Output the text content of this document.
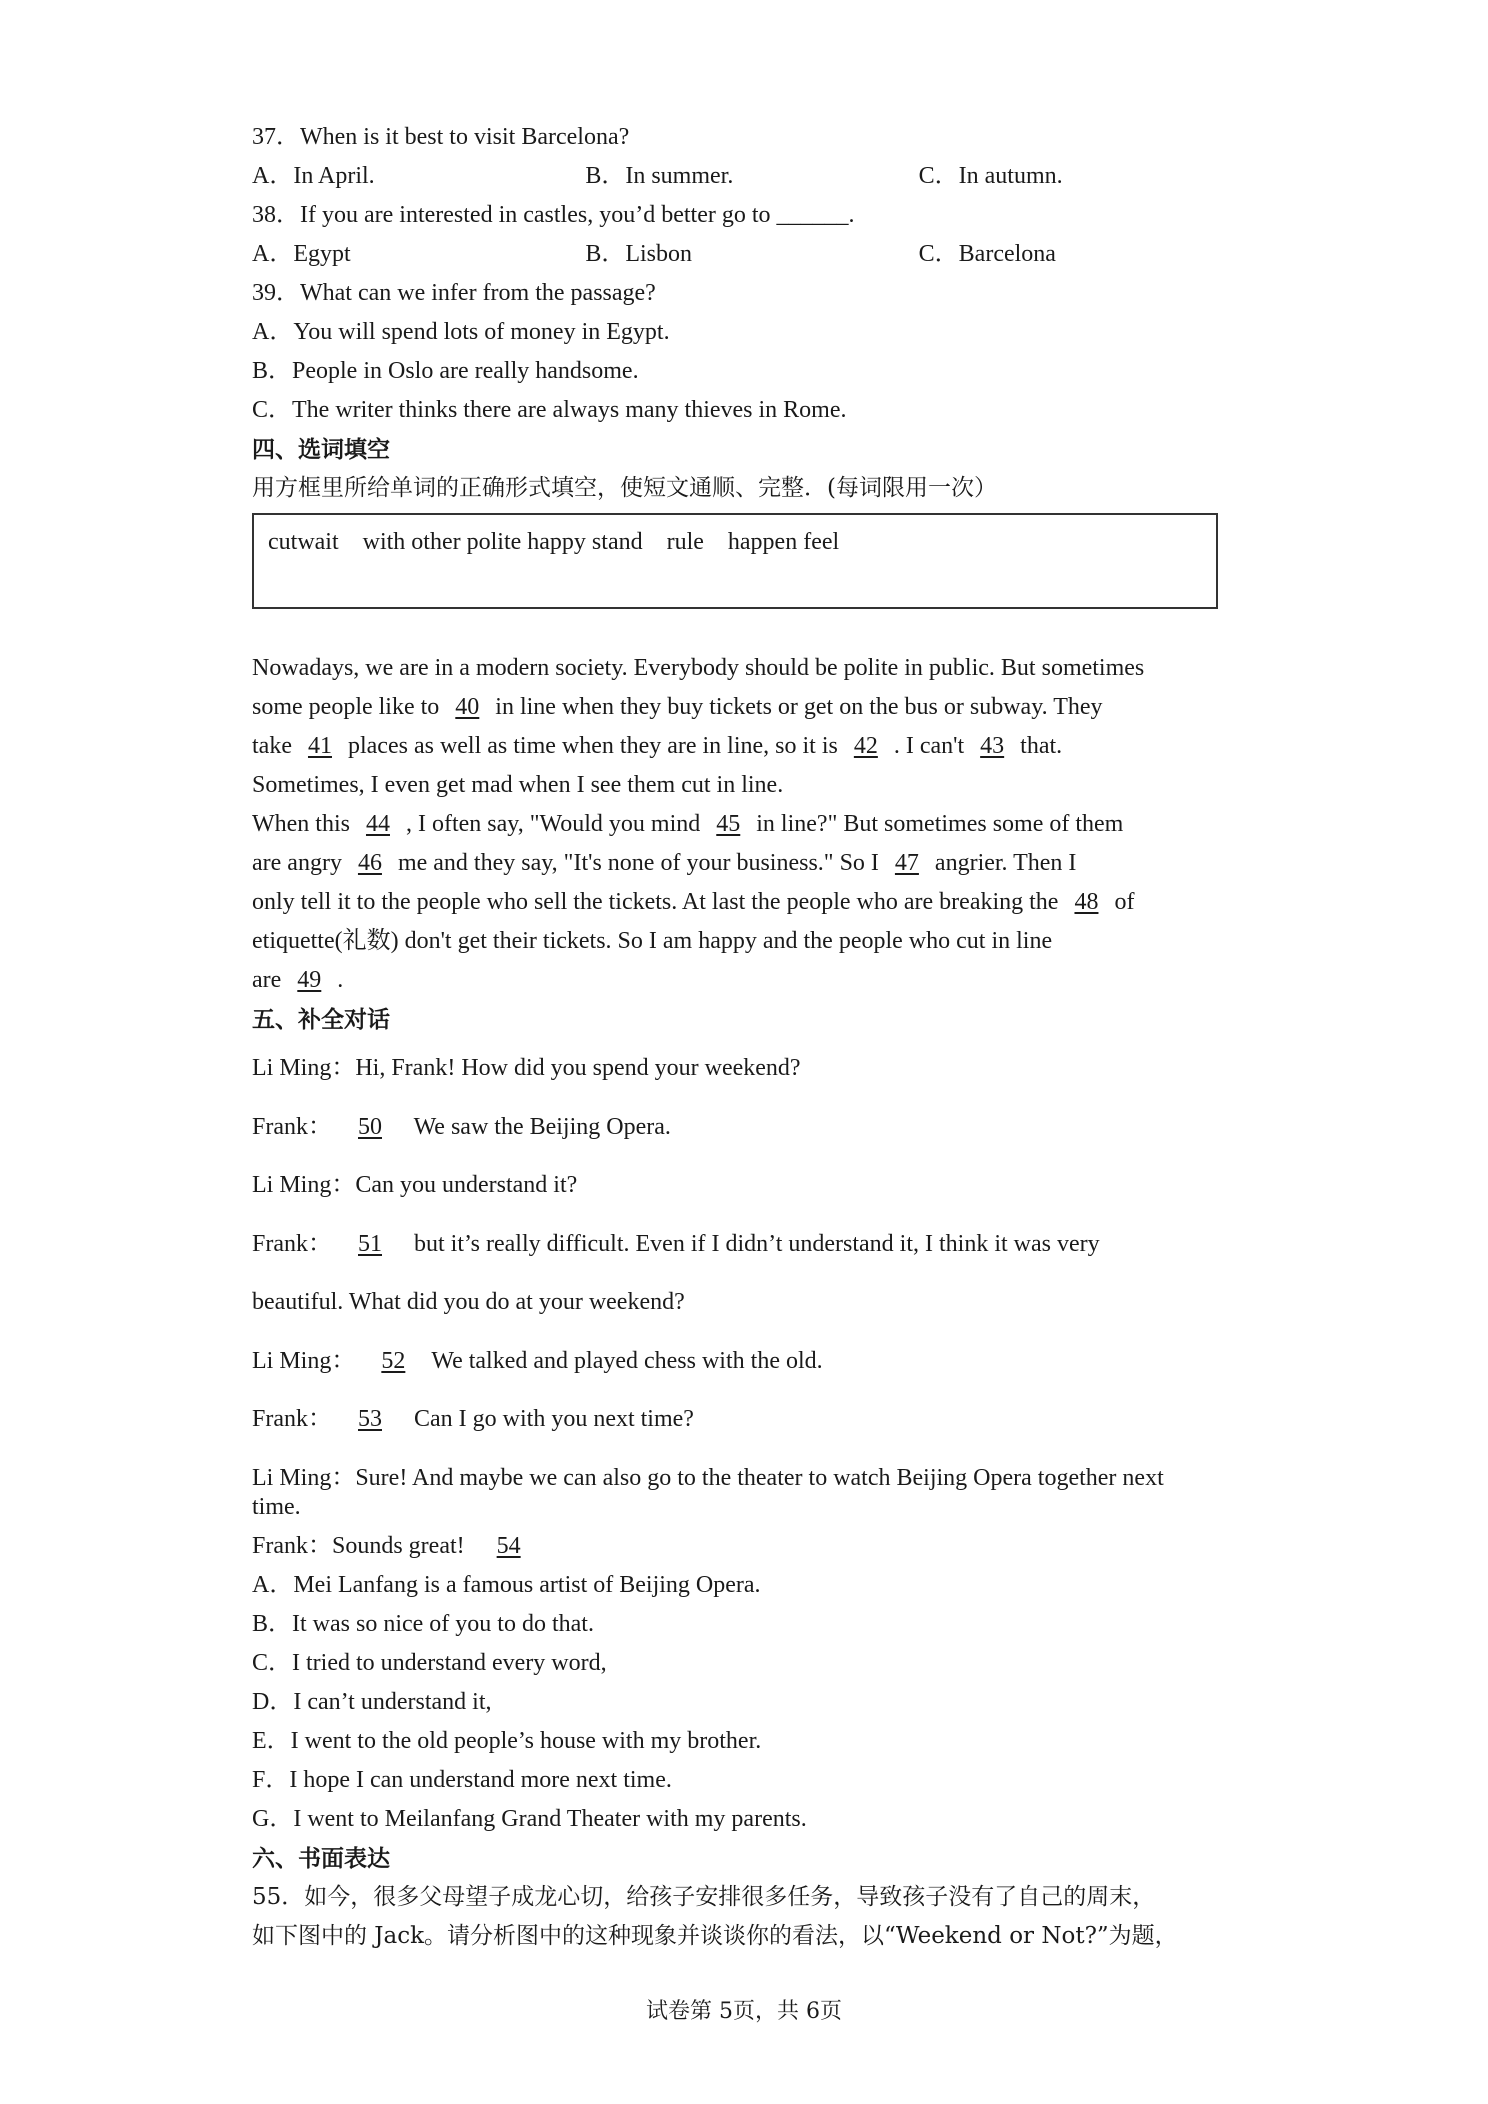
37．When is it best to visit Barcelona?
A．In April.	B．In summer.	C．In autumn.
38．If you are interested in castles, you’d better go to ______.
A．Egypt	B．Lisbon	C．Barcelona
39．What can we infer from the passage?
A．You will spend lots of money in Egypt.
B．People in Oslo are really handsome.
C．The writer thinks there are always many thieves in Rome.
四、选词填空
用方框里所给单词的正确形式填空，使短文通顺、完整．(每词限用一次）
cutwait    with other polite happy stand    rule    happen feel
Nowadays, we are in a modern society. Everybody should be polite in public. But sometimes
some people like to 40 in line when they buy tickets or get on the bus or subway. They
take 41 places as well as time when they are in line, so it is 42 . I can't 43 that.
Sometimes, I even get mad when I see them cut in line.
When this 44 , I often say, "Would you mind 45 in line?" But sometimes some of them
are angry 46 me and they say, "It's none of your business." So I 47 angrier. Then I
only tell it to the people who sell the tickets. At last the people who are breaking the 48 of
etiquette(礼数) don't get their tickets. So I am happy and the people who cut in line
are 49 .
五、补全对话
Li Ming：Hi, Frank! How did you spend your weekend?
Frank： 50 We saw the Beijing Opera.
Li Ming：Can you understand it?
Frank： 51 but it’s really difficult. Even if I didn’t understand it, I think it was very
beautiful. What did you do at your weekend?
Li Ming： 52 We talked and played chess with the old.
Frank： 53 Can I go with you next time?
Li Ming：Sure! And maybe we can also go to the theater to watch Beijing Opera together next
time.
Frank：Sounds great! 54
A．Mei Lanfang is a famous artist of Beijing Opera.
B．It was so nice of you to do that.
C．I tried to understand every word,
D．I can’t understand it,
E．I went to the old people’s house with my brother.
F．I hope I can understand more next time.
G．I went to Meilanfang Grand Theater with my parents.
六、书面表达
55．如今，很多父母望子成龙心切，给孩子安排很多任务，导致孩子没有了自己的周末，
如下图中的 Jack。请分析图中的这种现象并谈谈你的看法，以“Weekend or Not?”为题，
试卷第 5页，共 6页
